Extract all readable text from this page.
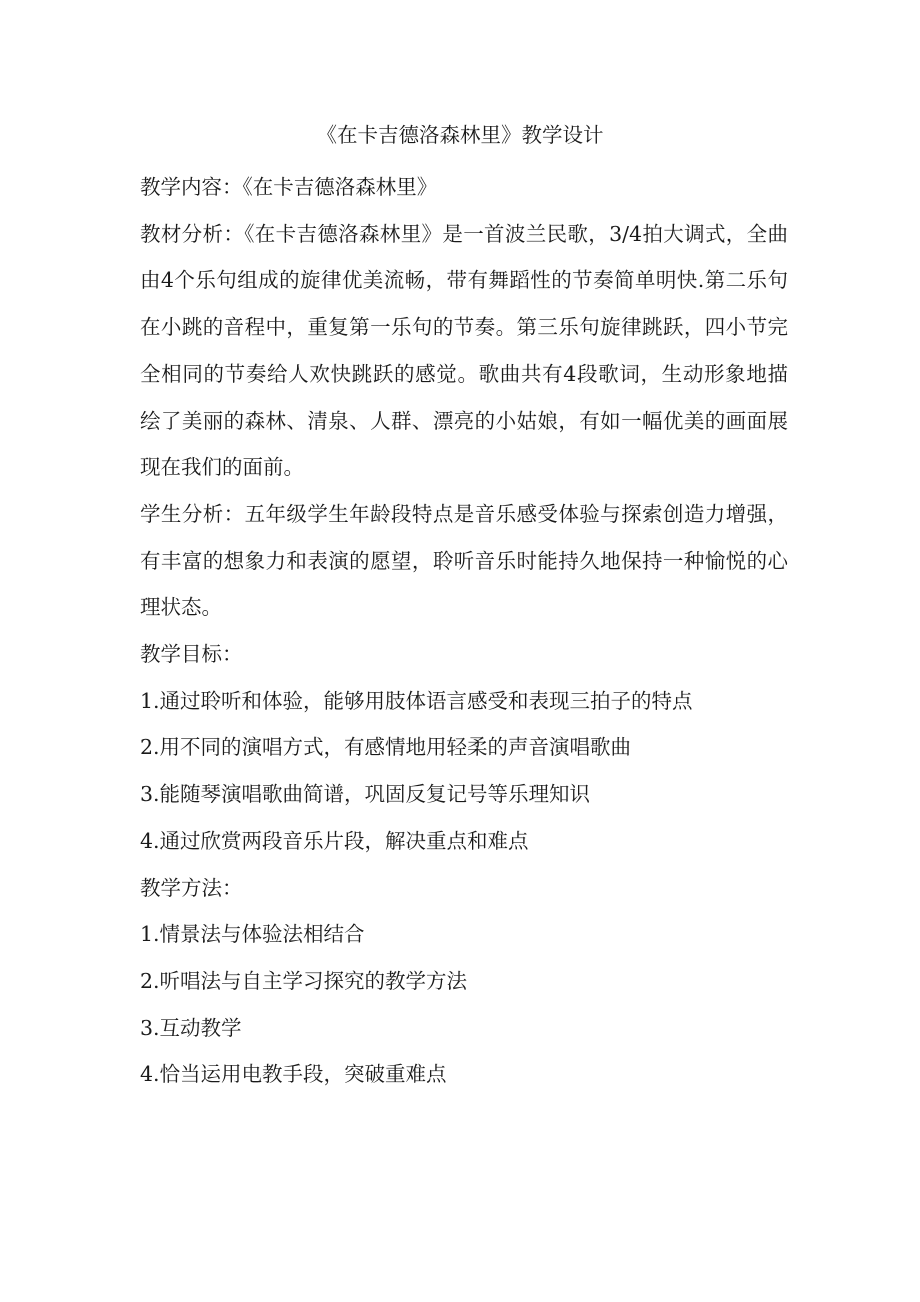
《在卡吉德洛森林里》教学设计

教学内容：《在卡吉德洛森林里》

教材分析：《在卡吉德洛森林里》是一首波兰民歌，3/4拍大调式，全曲由4个乐句组成的旋律优美流畅，带有舞蹈性的节奏简单明快.第二乐句在小跳的音程中，重复第一乐句的节奏。第三乐句旋律跳跃，四小节完全相同的节奏给人欢快跳跃的感觉。歌曲共有4段歌词，生动形象地描绘了美丽的森林、清泉、人群、漂亮的小姑娘，有如一幅优美的画面展现在我们的面前。

学生分析：五年级学生年龄段特点是音乐感受体验与探索创造力增强，有丰富的想象力和表演的愿望，聆听音乐时能持久地保持一种愉悦的心理状态。

教学目标：

1.通过聆听和体验，能够用肢体语言感受和表现三拍子的特点

2.用不同的演唱方式，有感情地用轻柔的声音演唱歌曲

3.能随琴演唱歌曲简谱，巩固反复记号等乐理知识

4.通过欣赏两段音乐片段，解决重点和难点

教学方法：

1.情景法与体验法相结合

2.听唱法与自主学习探究的教学方法

3.互动教学

4.恰当运用电教手段，突破重难点
